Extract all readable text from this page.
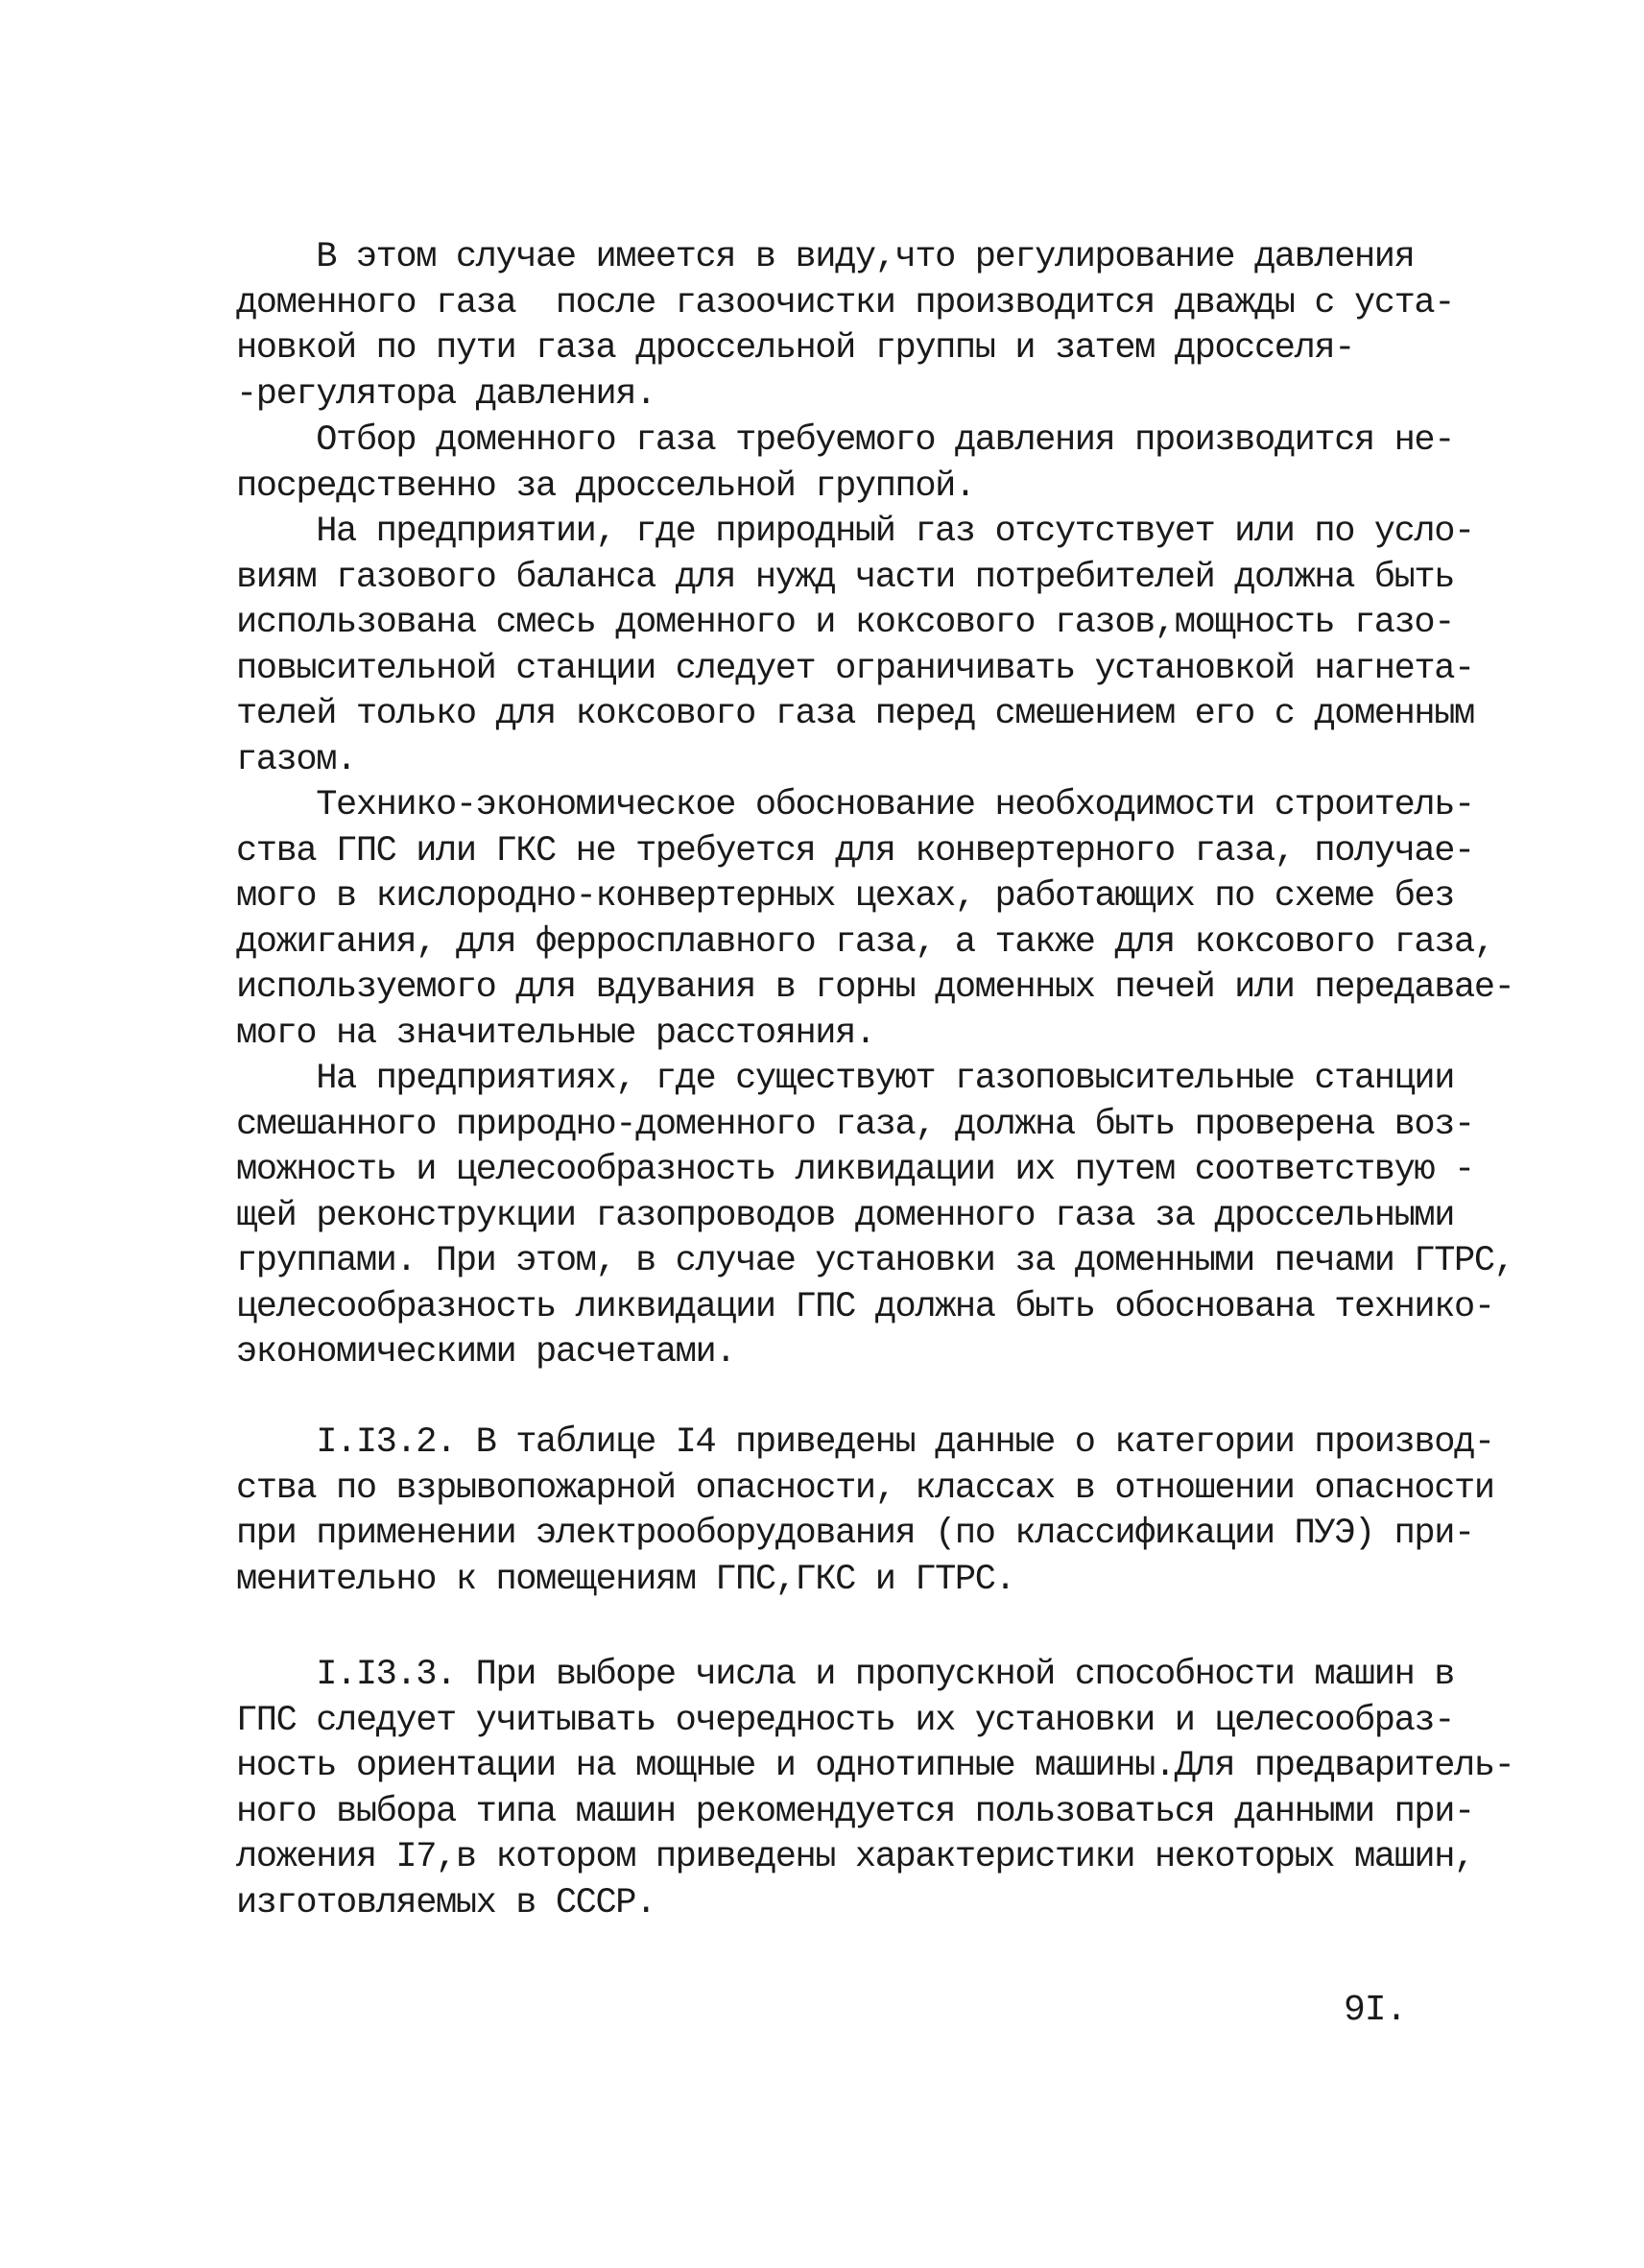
В этом случае имеется в виду,что регулирование давления
доменного газа  после газоочистки производится дважды с уста-
новкой по пути газа дроссельной группы и затем дросселя-
-регулятора давления.
Отбор доменного газа требуемого давления производится не-
посредственно за дроссельной группой.
На предприятии, где природный газ отсутствует или по усло-
виям газового баланса для нужд части потребителей должна быть
использована смесь доменного и коксового газов,мощность газо-
повысительной станции следует ограничивать установкой нагнета-
телей только для коксового газа перед смешением его с доменным
газом.
Технико-экономическое обоснование необходимости строитель-
ства ГПС или ГКС не требуется для конвертерного газа, получае-
мого в кислородно-конвертерных цехах, работающих по схеме без
дожигания, для ферросплавного газа, а также для коксового газа,
используемого для вдувания в горны доменных печей или передавае-
мого на значительные расстояния.
На предприятиях, где существуют газоповысительные станции
смешанного природно-доменного газа, должна быть проверена воз-
можность и целесообразность ликвидации их путем соответствую -
щей реконструкции газопроводов доменного газа за дроссельными
группами. При этом, в случае установки за доменными печами ГТРС,
целесообразность ликвидации ГПС должна быть обоснована технико-
экономическими расчетами.
I.I3.2. В таблице I4 приведены данные о категории производ-
ства по взрывопожарной опасности, классах в отношении опасности
при применении электрооборудования (по классификации ПУЭ) при-
менительно к помещениям ГПС,ГКС и ГТРС.
I.I3.3. При выборе числа и пропускной способности машин в
ГПС следует учитывать очередность их установки и целесообраз-
ность ориентации на мощные и однотипные машины.Для предваритель-
ного выбора типа машин рекомендуется пользоваться данными при-
ложения I7,в котором приведены характеристики некоторых машин,
изготовляемых в СССР.
9I.
